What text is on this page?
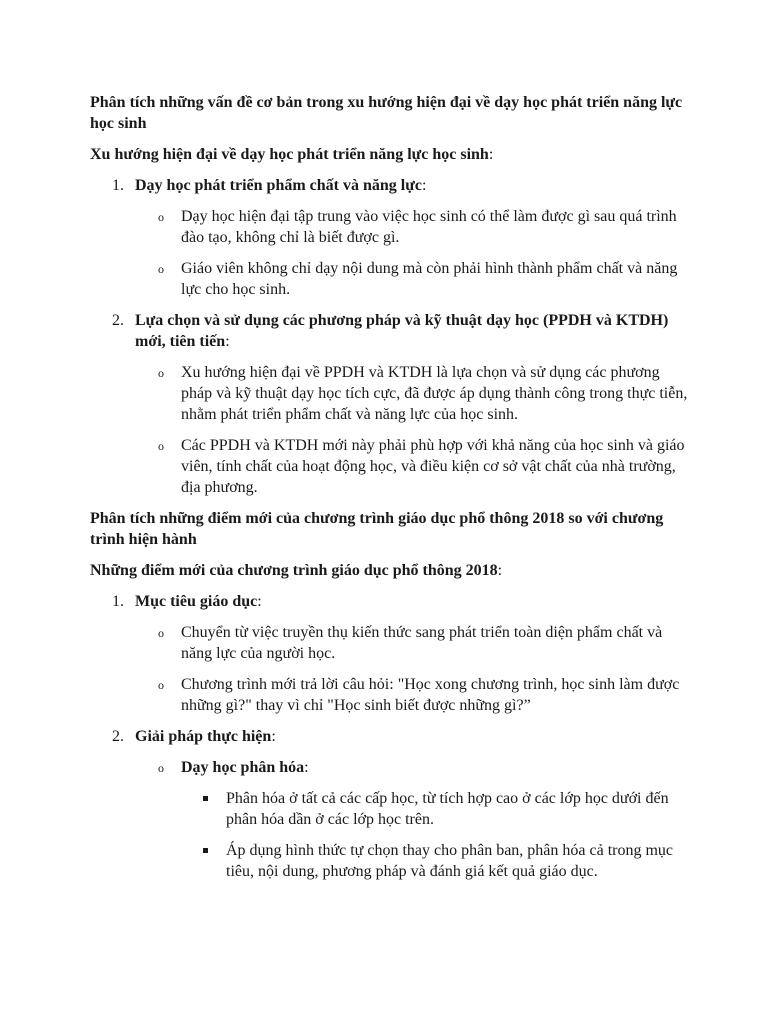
Phân tích những vấn đề cơ bản trong xu hướng hiện đại về dạy học phát triển năng lực học sinh

Xu hướng hiện đại về dạy học phát triển năng lực học sinh:

1. Dạy học phát triển phẩm chất và năng lực:
o Dạy học hiện đại tập trung vào việc học sinh có thể làm được gì sau quá trình đào tạo, không chỉ là biết được gì.
o Giáo viên không chỉ dạy nội dung mà còn phải hình thành phẩm chất và năng lực cho học sinh.
2. Lựa chọn và sử dụng các phương pháp và kỹ thuật dạy học (PPDH và KTDH) mới, tiên tiến:
o Xu hướng hiện đại về PPDH và KTDH là lựa chọn và sử dụng các phương pháp và kỹ thuật dạy học tích cực, đã được áp dụng thành công trong thực tiễn, nhằm phát triển phẩm chất và năng lực của học sinh.
o Các PPDH và KTDH mới này phải phù hợp với khả năng của học sinh và giáo viên, tính chất của hoạt động học, và điều kiện cơ sở vật chất của nhà trường, địa phương.

Phân tích những điểm mới của chương trình giáo dục phổ thông 2018 so với chương trình hiện hành

Những điểm mới của chương trình giáo dục phổ thông 2018:

1. Mục tiêu giáo dục:
o Chuyển từ việc truyền thụ kiến thức sang phát triển toàn diện phẩm chất và năng lực của người học.
o Chương trình mới trả lời câu hỏi: "Học xong chương trình, học sinh làm được những gì?" thay vì chỉ "Học sinh biết được những gì?”
2. Giải pháp thực hiện:
o Dạy học phân hóa:
Phân hóa ở tất cả các cấp học, từ tích hợp cao ở các lớp học dưới đến phân hóa dần ở các lớp học trên.
Áp dụng hình thức tự chọn thay cho phân ban, phân hóa cả trong mục tiêu, nội dung, phương pháp và đánh giá kết quả giáo dục.
